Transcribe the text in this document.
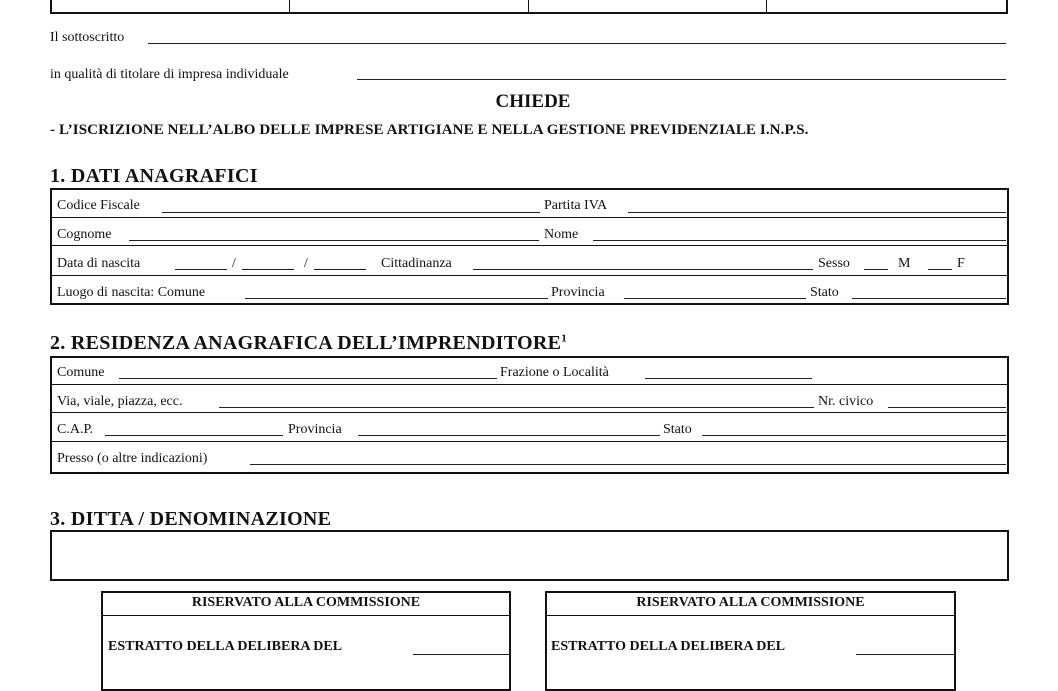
Il sottoscritto
in qualità di titolare di impresa individuale
CHIEDE
- L’ISCRIZIONE NELL’ALBO DELLE IMPRESE ARTIGIANE E NELLA GESTIONE PREVIDENZIALE I.N.P.S.
1. DATI ANAGRAFICI
Codice Fiscale	Partita IVA
Cognome	Nome
Data di nascita	/	/	Cittadinanza	Sesso	M	F
Luogo di nascita: Comune	Provincia	Stato
2. RESIDENZA ANAGRAFICA DELL’IMPRENDITORE$^1$
Comune	Frazione o Località
Via, viale, piazza, ecc.	Nr. civico
C.A.P.	Provincia	Stato
Presso (o altre indicazioni)
3. DITTA / DENOMINAZIONE
RISERVATO ALLA COMMISSIONE
ESTRATTO DELLA DELIBERA DEL
RISERVATO ALLA COMMISSIONE
ESTRATTO DELLA DELIBERA DEL
